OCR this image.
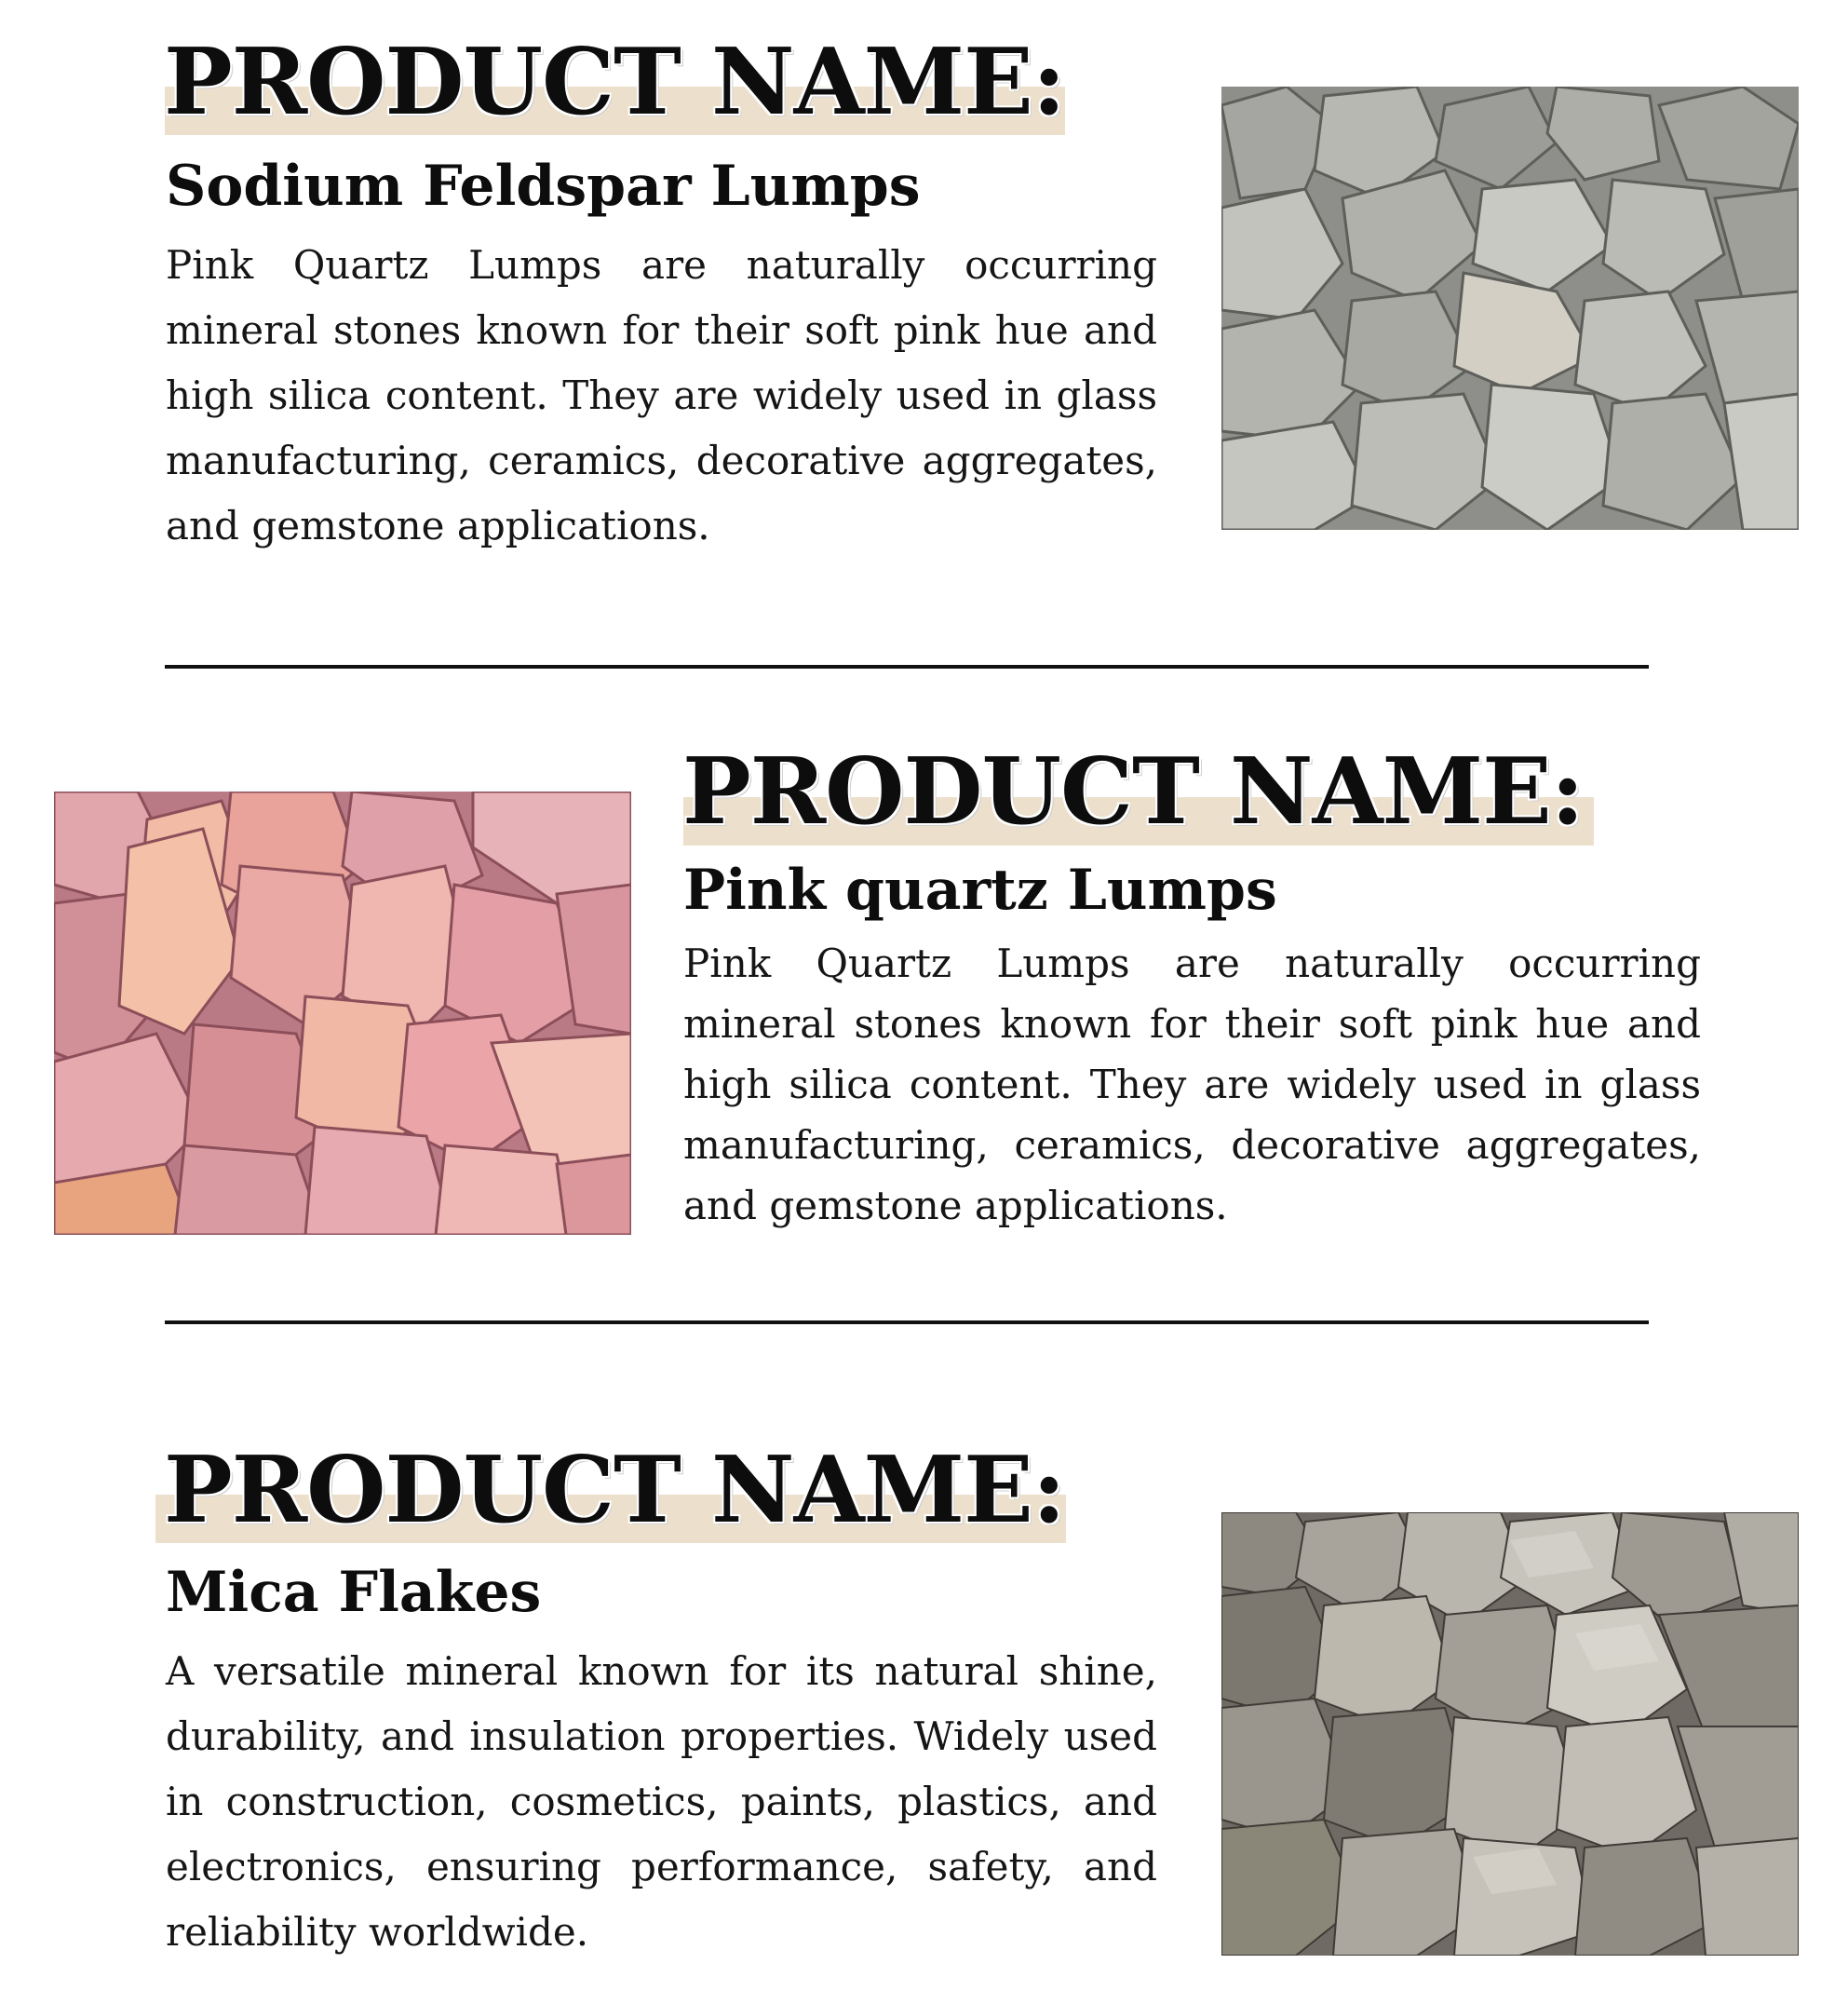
PRODUCT NAME:
Sodium Feldspar Lumps

Pink Quartz Lumps are naturally occurring mineral stones known for their soft pink hue and high silica content. They are widely used in glass manufacturing, ceramics, decorative aggregates, and gemstone applications.

PRODUCT NAME:
Pink quartz Lumps

Pink Quartz Lumps are naturally occurring mineral stones known for their soft pink hue and high silica content. They are widely used in glass manufacturing, ceramics, decorative aggregates, and gemstone applications.

PRODUCT NAME:
Mica Flakes

A versatile mineral known for its natural shine, durability, and insulation properties. Widely used in construction, cosmetics, paints, plastics, and electronics, ensuring performance, safety, and reliability worldwide.
